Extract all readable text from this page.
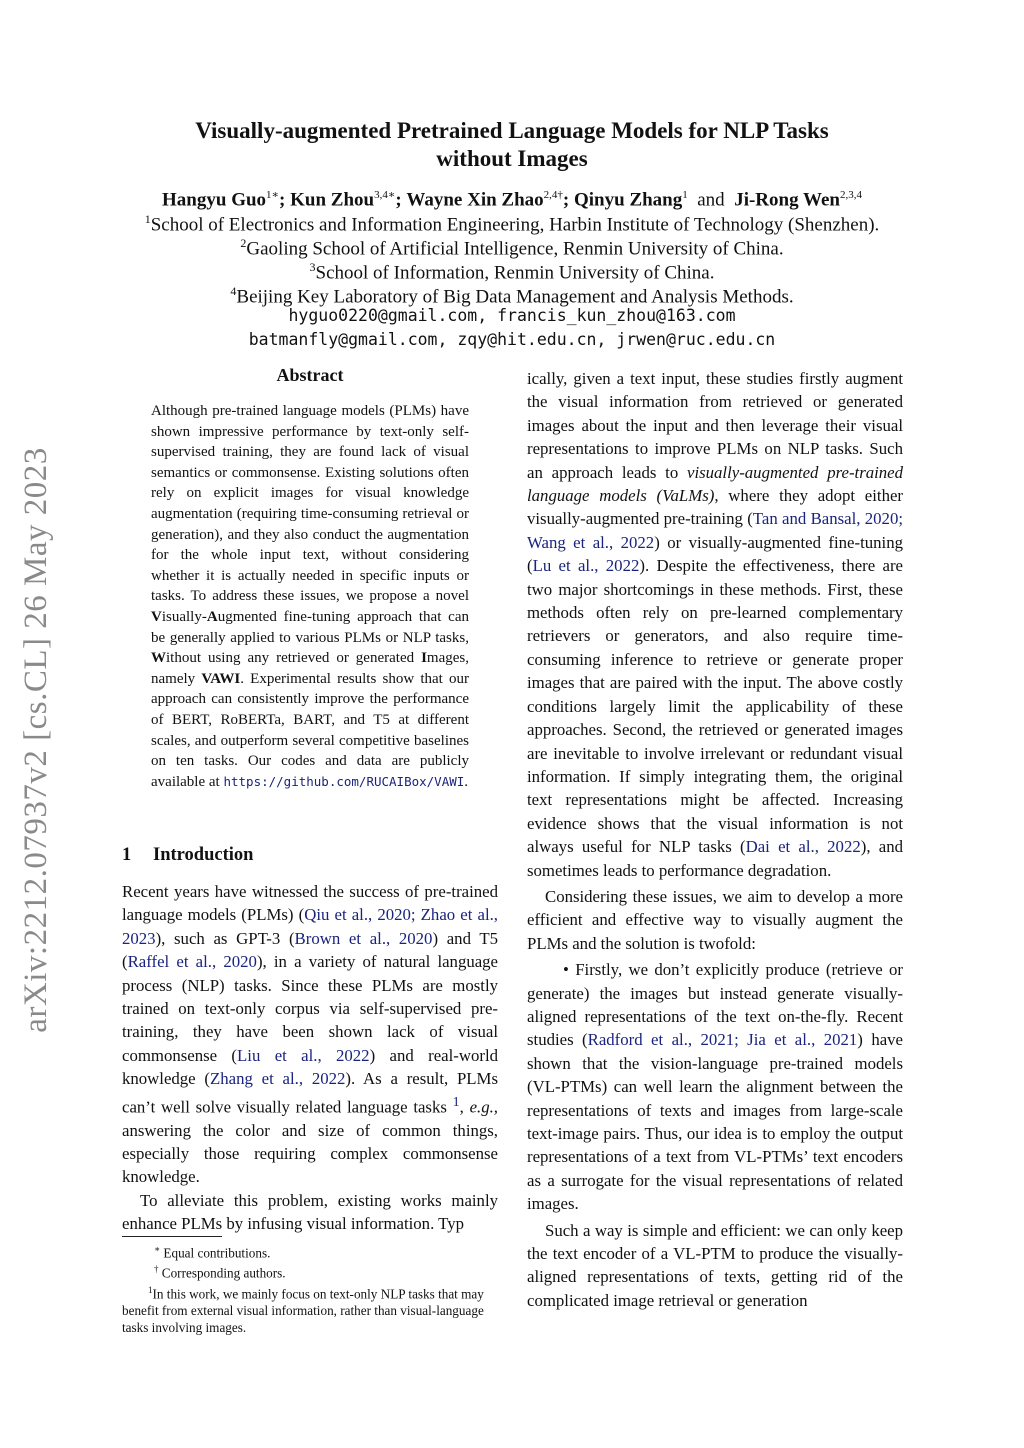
arXiv:2212.07937v2 [cs.CL] 26 May 2023
Visually-augmented Pretrained Language Models for NLP Tasks
without Images
Hangyu Guo$^{1∗}$; Kun Zhou$^{3,4∗}$; Wayne Xin Zhao$^{2,4\dagger}$; Qinyu Zhang$^1$ and Ji-Rong Wen$^{2,3,4}$
$^1$School of Electronics and Information Engineering, Harbin Institute of Technology (Shenzhen).
$^2$Gaoling School of Artificial Intelligence, Renmin University of China.
$^3$School of Information, Renmin University of China.
$^4$Beijing Key Laboratory of Big Data Management and Analysis Methods.
hyguo0220@gmail.com, francis_kun_zhou@163.com
batmanfly@gmail.com, zqy@hit.edu.cn, jrwen@ruc.edu.cn
Abstract
Although pre-trained language models (PLMs) have shown impressive performance by text-only self-supervised training, they are found lack of visual semantics or commonsense. Existing solutions often rely on explicit images for visual knowledge augmentation (requiring time-consuming retrieval or generation), and they also conduct the augmentation for the whole input text, without considering whether it is actually needed in specific inputs or tasks. To address these issues, we propose a novel Visually-Augmented fine-tuning approach that can be generally applied to various PLMs or NLP tasks, Without using any retrieved or generated Images, namely VAWI. Experimental results show that our approach can consistently improve the performance of BERT, RoBERTa, BART, and T5 at different scales, and outperform several competitive baselines on ten tasks. Our codes and data are publicly available at https://github.com/RUCAIBox/VAWI.
1 Introduction

Recent years have witnessed the success of pre-trained language models (PLMs) (Qiu et al., 2020; Zhao et al., 2023), such as GPT-3 (Brown et al., 2020) and T5 (Raffel et al., 2020), in a variety of natural language process (NLP) tasks. Since these PLMs are mostly trained on text-only corpus via self-supervised pre-training, they have been shown lack of visual commonsense (Liu et al., 2022) and real-world knowledge (Zhang et al., 2022). As a result, PLMs can’t well solve visually related language tasks $^1$, e.g., answering the color and size of common things, especially those requiring complex commonsense knowledge.

To alleviate this problem, existing works mainly enhance PLMs by infusing visual information. Typ

∗ Equal contributions.

† Corresponding authors.

$^1$In this work, we mainly focus on text-only NLP tasks that may benefit from external visual information, rather than visual-language tasks involving images.

ically, given a text input, these studies firstly augment the visual information from retrieved or generated images about the input and then leverage their visual representations to improve PLMs on NLP tasks. Such an approach leads to visually-augmented pre-trained language models (VaLMs), where they adopt either visually-augmented pre-training (Tan and Bansal, 2020; Wang et al., 2022) or visually-augmented fine-tuning (Lu et al., 2022). Despite the effectiveness, there are two major shortcomings in these methods. First, these methods often rely on pre-learned complementary retrievers or generators, and also require time-consuming inference to retrieve or generate proper images that are paired with the input. The above costly conditions largely limit the applicability of these approaches. Second, the retrieved or generated images are inevitable to involve irrelevant or redundant visual information. If simply integrating them, the original text representations might be affected. Increasing evidence shows that the visual information is not always useful for NLP tasks (Dai et al., 2022), and sometimes leads to performance degradation.

Considering these issues, we aim to develop a more efficient and effective way to visually augment the PLMs and the solution is twofold:

• Firstly, we don’t explicitly produce (retrieve or generate) the images but instead generate visually-aligned representations of the text on-the-fly. Recent studies (Radford et al., 2021; Jia et al., 2021) have shown that the vision-language pre-trained models (VL-PTMs) can well learn the alignment between the representations of texts and images from large-scale text-image pairs. Thus, our idea is to employ the output representations of a text from VL-PTMs’ text encoders as a surrogate for the visual representations of related images.

Such a way is simple and efficient: we can only keep the text encoder of a VL-PTM to produce the visually-aligned representations of texts, getting rid of the complicated image retrieval or generation
